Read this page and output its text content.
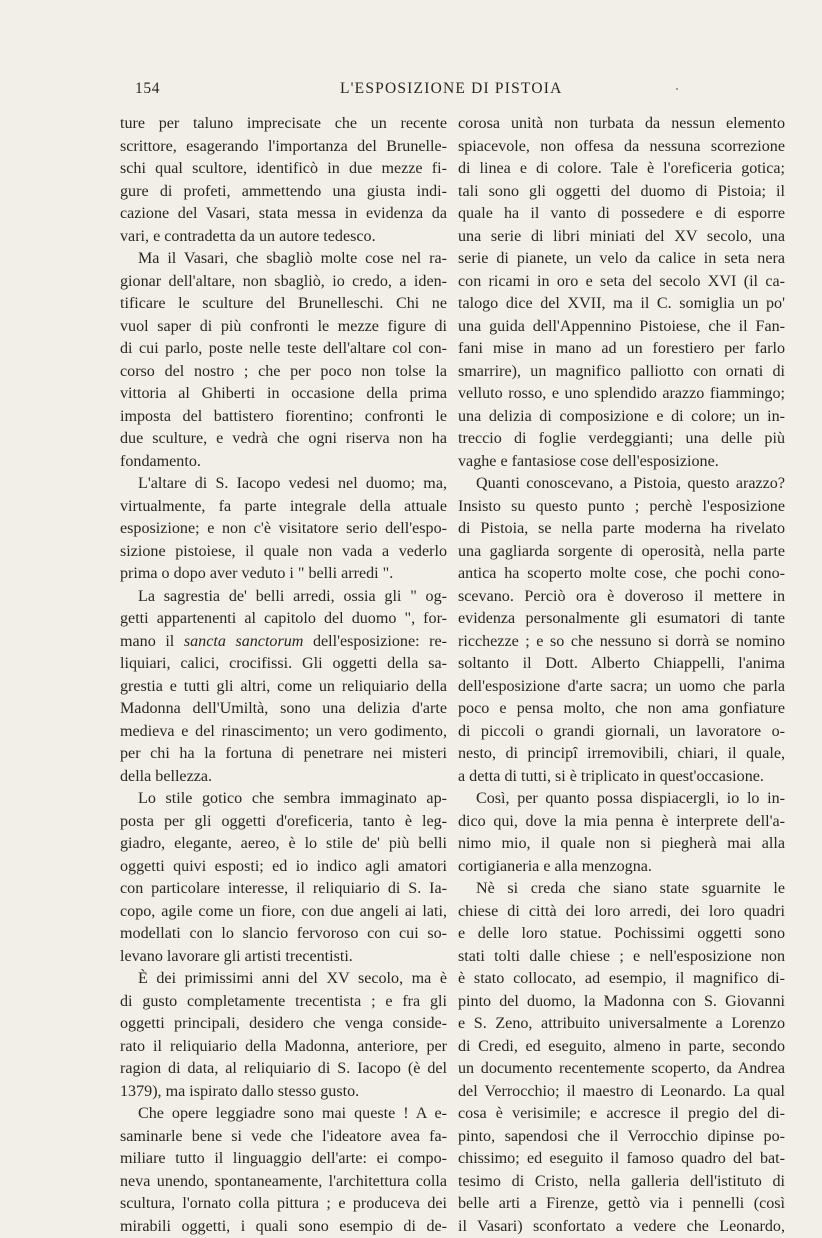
154	L'ESPOSIZIONE DI PISTOIA
ture per taluno imprecisate che un recente
scrittore, esagerando l'importanza del Brunelle-
schi qual scultore, identificò in due mezze fi-
gure di profeti, ammettendo una giusta indi-
cazione del Vasari, stata messa in evidenza da
vari, e contradetta da un autore tedesco.
Ma il Vasari, che sbagliò molte cose nel ra-
gionar dell'altare, non sbagliò, io credo, a iden-
tificare le sculture del Brunelleschi. Chi ne
vuol saper di più confronti le mezze figure di
di cui parlo, poste nelle teste dell'altare col con-
corso del nostro ; che per poco non tolse la
vittoria al Ghiberti in occasione della prima
imposta del battistero fiorentino; confronti le
due sculture, e vedrà che ogni riserva non ha
fondamento.
L'altare di S. Iacopo vedesi nel duomo; ma,
virtualmente, fa parte integrale della attuale
esposizione; e non c'è visitatore serio dell'espo-
sizione pistoiese, il quale non vada a vederlo
prima o dopo aver veduto i " belli arredi ".
La sagrestia de' belli arredi, ossia gli " og-
getti appartenenti al capitolo del duomo ", for-
mano il sancta sanctorum dell'esposizione: re-
liquiari, calici, crocifissi. Gli oggetti della sa-
grestia e tutti gli altri, come un reliquiario della
Madonna dell'Umiltà, sono una delizia d'arte
medieva e del rinascimento; un vero godimento,
per chi ha la fortuna di penetrare nei misteri
della bellezza.
Lo stile gotico che sembra immaginato ap-
posta per gli oggetti d'oreficeria, tanto è leg-
giadro, elegante, aereo, è lo stile de' più belli
oggetti quivi esposti; ed io indico agli amatori
con particolare interesse, il reliquiario di S. Ia-
copo, agile come un fiore, con due angeli ai lati,
modellati con lo slancio fervoroso con cui so-
levano lavorare gli artisti trecentisti.
È dei primissimi anni del XV secolo, ma è
di gusto completamente trecentista ; e fra gli
oggetti principali, desidero che venga conside-
rato il reliquiario della Madonna, anteriore, per
ragion di data, al reliquiario di S. Iacopo (è del
1379), ma ispirato dallo stesso gusto.
Che opere leggiadre sono mai queste ! A e-
saminarle bene si vede che l'ideatore avea fa-
miliare tutto il linguaggio dell'arte: ei compo-
neva unendo, spontaneamente, l'architettura colla
scultura, l'ornato colla pittura ; e produceva dei
mirabili oggetti, i quali sono esempio di de-
corosa unità non turbata da nessun elemento
spiacevole, non offesa da nessuna scorrezione
di linea e di colore. Tale è l'oreficeria gotica;
tali sono gli oggetti del duomo di Pistoia; il
quale ha il vanto di possedere e di esporre
una serie di libri miniati del XV secolo, una
serie di pianete, un velo da calice in seta nera
con ricami in oro e seta del secolo XVI (il ca-
talogo dice del XVII, ma il C. somiglia un po'
una guida dell'Appennino Pistoiese, che il Fan-
fani mise in mano ad un forestiero per farlo
smarrire), un magnifico palliotto con ornati di
velluto rosso, e uno splendido arazzo fiammingo;
una delizia di composizione e di colore; un in-
treccio di foglie verdeggianti; una delle più
vaghe e fantasiose cose dell'esposizione.
Quanti conoscevano, a Pistoia, questo arazzo?
Insisto su questo punto ; perchè l'esposizione
di Pistoia, se nella parte moderna ha rivelato
una gagliarda sorgente di operosità, nella parte
antica ha scoperto molte cose, che pochi cono-
scevano. Perciò ora è doveroso il mettere in
evidenza personalmente gli esumatori di tante
ricchezze ; e so che nessuno si dorrà se nomino
soltanto il Dott. Alberto Chiappelli, l'anima
dell'esposizione d'arte sacra; un uomo che parla
poco e pensa molto, che non ama gonfiature
di piccoli o grandi giornali, un lavoratore o-
nesto, di principî irremovibili, chiari, il quale,
a detta di tutti, si è triplicato in quest'occasione.
Così, per quanto possa dispiacergli, io lo in-
dico qui, dove la mia penna è interprete dell'a-
nimo mio, il quale non si piegherà mai alla
cortigianeria e alla menzogna.
Nè si creda che siano state sguarnite le
chiese di città dei loro arredi, dei loro quadri
e delle loro statue. Pochissimi oggetti sono
stati tolti dalle chiese ; e nell'esposizione non
è stato collocato, ad esempio, il magnifico di-
pinto del duomo, la Madonna con S. Giovanni
e S. Zeno, attribuito universalmente a Lorenzo
di Credi, ed eseguito, almeno in parte, secondo
un documento recentemente scoperto, da Andrea
del Verrocchio; il maestro di Leonardo. La qual
cosa è verisimile; e accresce il pregio del di-
pinto, sapendosi che il Verrocchio dipinse po-
chissimo; ed eseguito il famoso quadro del bat-
tesimo di Cristo, nella galleria dell'istituto di
belle arti a Firenze, gettò via i pennelli (così
il Vasari) sconfortato a vedere che Leonardo,
